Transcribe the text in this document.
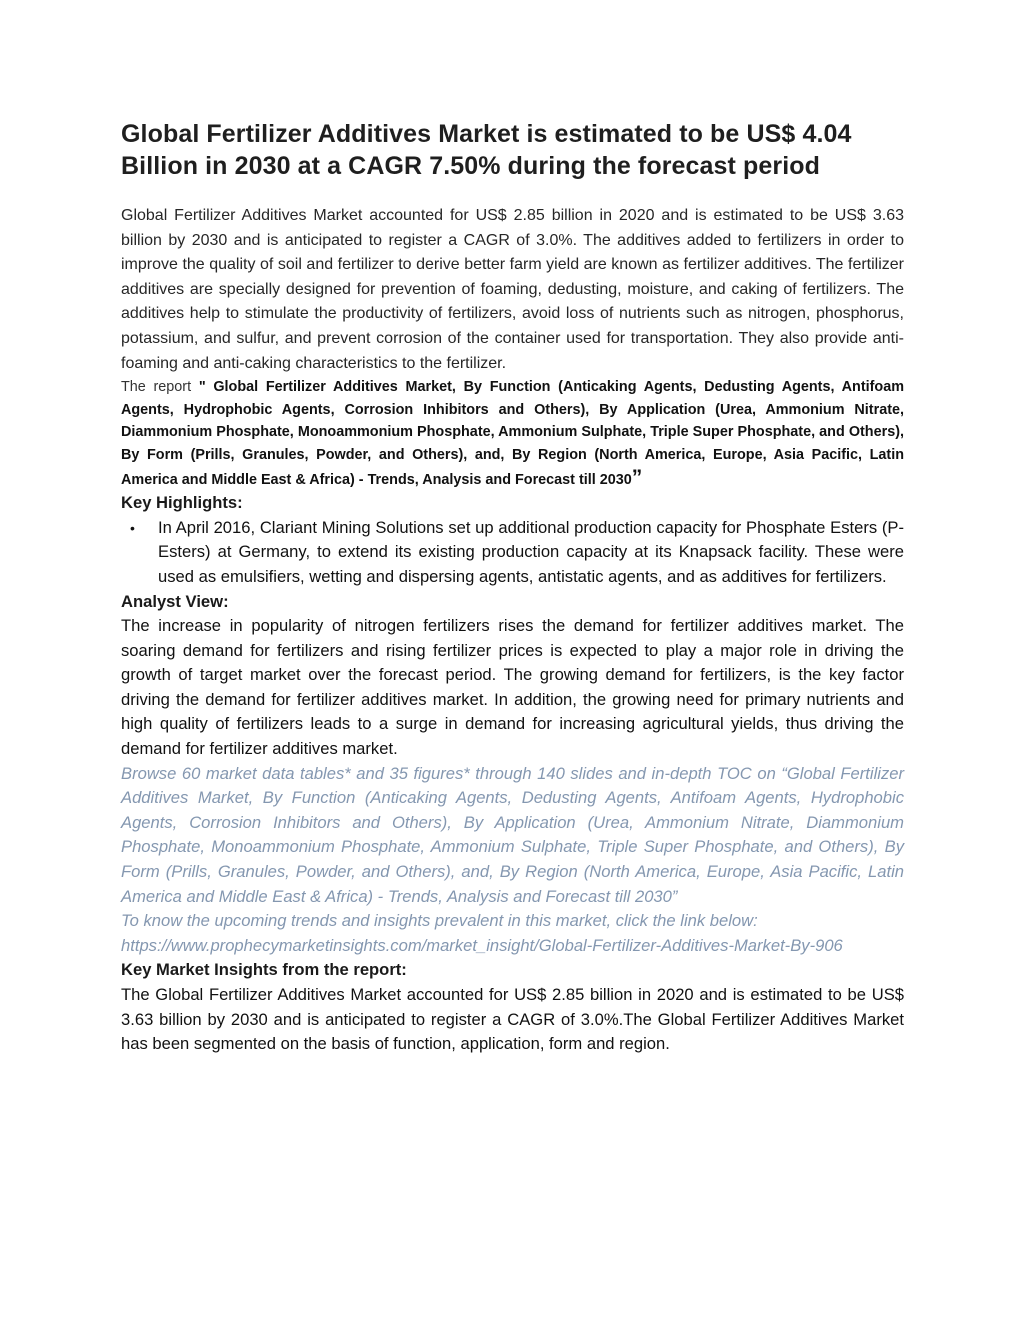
Global Fertilizer Additives Market is estimated to be US$ 4.04 Billion in 2030 at a CAGR 7.50% during the forecast period

Global Fertilizer Additives Market accounted for US$ 2.85 billion in 2020 and is estimated to be US$ 3.63 billion by 2030 and is anticipated to register a CAGR of 3.0%. The additives added to fertilizers in order to improve the quality of soil and fertilizer to derive better farm yield are known as fertilizer additives. The fertilizer additives are specially designed for prevention of foaming, dedusting, moisture, and caking of fertilizers. The additives help to stimulate the productivity of fertilizers, avoid loss of nutrients such as nitrogen, phosphorus, potassium, and sulfur, and prevent corrosion of the container used for transportation. They also provide anti-foaming and anti-caking characteristics to the fertilizer.

The report " Global Fertilizer Additives Market, By Function (Anticaking Agents, Dedusting Agents, Antifoam Agents, Hydrophobic Agents, Corrosion Inhibitors and Others), By Application (Urea, Ammonium Nitrate, Diammonium Phosphate, Monoammonium Phosphate, Ammonium Sulphate, Triple Super Phosphate, and Others), By Form (Prills, Granules, Powder, and Others), and, By Region (North America, Europe, Asia Pacific, Latin America and Middle East & Africa) - Trends, Analysis and Forecast till 2030”

Key Highlights:

• In April 2016, Clariant Mining Solutions set up additional production capacity for Phosphate Esters (P-Esters) at Germany, to extend its existing production capacity at its Knapsack facility. These were used as emulsifiers, wetting and dispersing agents, antistatic agents, and as additives for fertilizers.

Analyst View:

The increase in popularity of nitrogen fertilizers rises the demand for fertilizer additives market. The soaring demand for fertilizers and rising fertilizer prices is expected to play a major role in driving the growth of target market over the forecast period. The growing demand for fertilizers, is the key factor driving the demand for fertilizer additives market. In addition, the growing need for primary nutrients and high quality of fertilizers leads to a surge in demand for increasing agricultural yields, thus driving the demand for fertilizer additives market.

Browse 60 market data tables* and 35 figures* through 140 slides and in-depth TOC on “Global Fertilizer Additives Market, By Function (Anticaking Agents, Dedusting Agents, Antifoam Agents, Hydrophobic Agents, Corrosion Inhibitors and Others), By Application (Urea, Ammonium Nitrate, Diammonium Phosphate, Monoammonium Phosphate, Ammonium Sulphate, Triple Super Phosphate, and Others), By Form (Prills, Granules, Powder, and Others), and, By Region (North America, Europe, Asia Pacific, Latin America and Middle East & Africa) - Trends, Analysis and Forecast till 2030”

To know the upcoming trends and insights prevalent in this market, click the link below:

https://www.prophecymarketinsights.com/market_insight/Global-Fertilizer-Additives-Market-By-906

Key Market Insights from the report:

The Global Fertilizer Additives Market accounted for US$ 2.85 billion in 2020 and is estimated to be US$ 3.63 billion by 2030 and is anticipated to register a CAGR of 3.0%.The Global Fertilizer Additives Market has been segmented on the basis of function, application, form and region.
